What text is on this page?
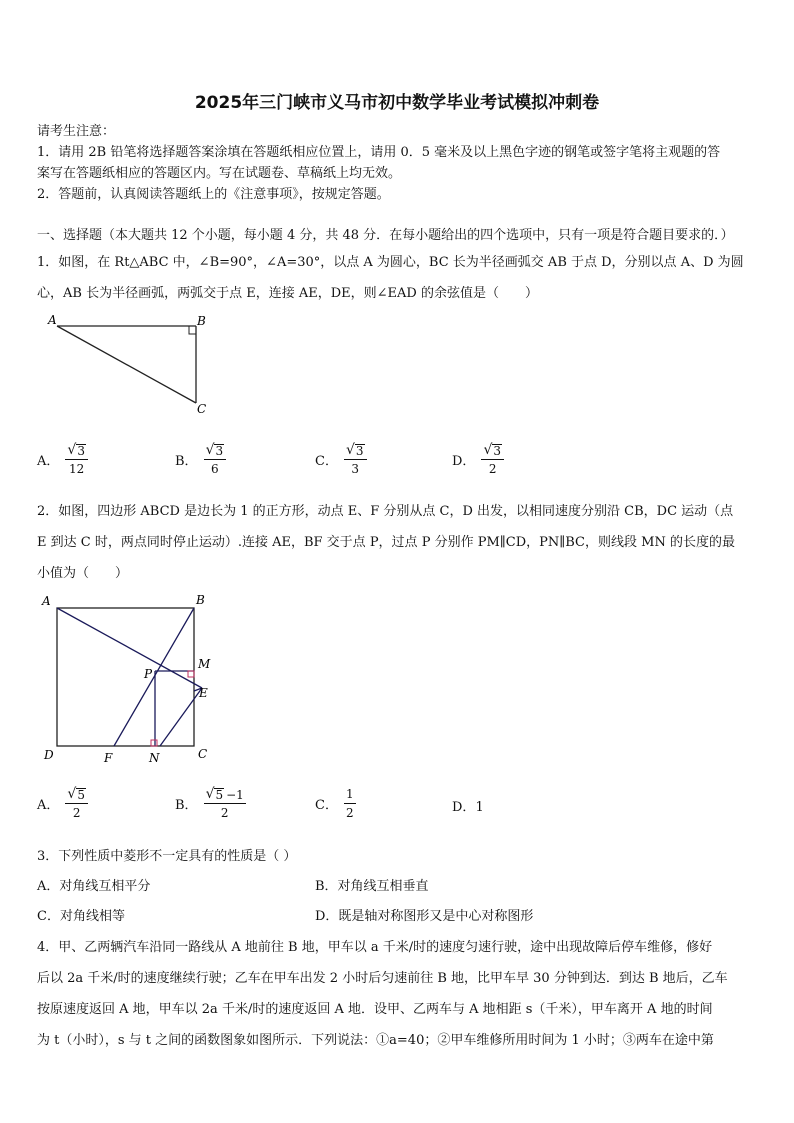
2025年三门峡市义马市初中数学毕业考试模拟冲刺卷
请考生注意：
1．请用 2B 铅笔将选择题答案涂填在答题纸相应位置上，请用 0．5 毫米及以上黑色字迹的钢笔或签字笔将主观题的答
案写在答题纸相应的答题区内。写在试题卷、草稿纸上均无效。
2．答题前，认真阅读答题纸上的《注意事项》，按规定答题。
一、选择题（本大题共 12 个小题，每小题 4 分，共 48 分．在每小题给出的四个选项中，只有一项是符合题目要求的．）
1．如图，在 Rt△ABC 中，∠B=90°，∠A=30°，以点 A 为圆心，BC 长为半径画弧交 AB 于点 D，分别以点 A、D 为圆
心，AB 长为半径画弧，两弧交于点 E，连接 AE，DE，则∠EAD 的余弦值是（　　）
A	B
C
A． $\frac{√ 3}{12}$	B． $\frac{√ 3}{6}$	C． $\frac{√ 3}{3}$	D． $\frac{√ 3}{2}$
2．如图，四边形 ABCD 是边长为 1 的正方形，动点 E、F 分别从点 C，D 出发，以相同速度分别沿 CB，DC 运动（点
E 到达 C 时，两点同时停止运动）.连接 AE，BF 交于点 P，过点 P 分别作 PM∥CD，PN∥BC，则线段 MN 的长度的最
小值为（　　）
A	B
C
D
E
F
M
N
P
A． $\frac{√ 5}{2}$	B． $\frac{√ 5 -1}{2}$	C． $\frac{1}{2}$	D．1
3．下列性质中菱形不一定具有的性质是（ ）
A．对角线互相平分	B．对角线互相垂直
C．对角线相等	D．既是轴对称图形又是中心对称图形
4．甲、乙两辆汽车沿同一路线从 A 地前往 B 地，甲车以 a 千米/时的速度匀速行驶，途中出现故障后停车维修，修好
后以 2a 千米/时的速度继续行驶；乙车在甲车出发 2 小时后匀速前往 B 地，比甲车早 30 分钟到达．到达 B 地后，乙车
按原速度返回 A 地，甲车以 2a 千米/时的速度返回 A 地．设甲、乙两车与 A 地相距 s（千米），甲车离开 A 地的时间
为 t（小时），s 与 t 之间的函数图象如图所示．下列说法：①a=40；②甲车维修所用时间为 1 小时；③两车在途中第
